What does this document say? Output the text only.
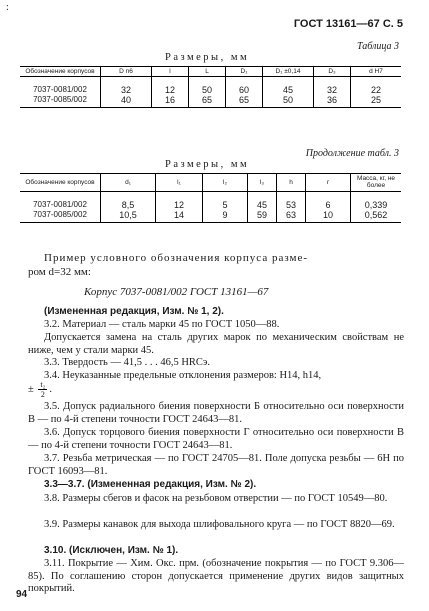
:
ГОСТ 13161—67 С. 5
Таблица 3
Размеры, мм
Обозначение корпусов	D n6	l	L	D₁	D₁ ±0,14	D₃	d H7
7037-0081/002	32	12	50	60	45	32	22
7037-0085/002	40	16	65	65	50	36	25
Продолжение табл. 3
Размеры, мм
Обозначение корпусов	d₁	l₁	l₂	l₃	h	r	Масса, кг, не более
7037-0081/002	8,5	12	5	45	53	6	0,339
7037-0085/002	10,5	14	9	59	63	10	0,562
Пример условного обозначения корпуса разме-
ром d=32 мм:
Корпус 7037-0081/002 ГОСТ 13161—67
(Измененная редакция, Изм. № 1, 2).
3.2. Материал — сталь марки 45 по ГОСТ 1050—88.
Допускается замена на сталь других марок по механическим свойствам не ниже, чем у стали марки 45.
3.3. Твердость — 41,5 . . . 46,5 HRCэ.
3.4. Неуказанные предельные отклонения размеров: H14, h14,
± $\frac{\text{t₂}}{2}$ .
3.5. Допуск радиального биения поверхности Б относительно оси поверхности В — по 4-й степени точности ГОСТ 24643—81.
3.6. Допуск торцового биения поверхности Г относительно оси поверхности В — по 4-й степени точности ГОСТ 24643—81.
3.7. Резьба метрическая — по ГОСТ 24705—81. Поле допуска резьбы — 6Н по ГОСТ 16093—81.
3.3—3.7. (Измененная редакция, Изм. № 2).
3.8. Размеры сбегов и фасок на резьбовом отверстии — по ГОСТ 10549—80.
3.9. Размеры канавок для выхода шлифовального круга — по ГОСТ 8820—69.
3.10. (Исключен, Изм. № 1).
3.11. Покрытие — Хим. Окс. прм. (обозначение покрытия — по ГОСТ 9.306—85). По соглашению сторон допускается применение других видов защитных покрытий.
94
